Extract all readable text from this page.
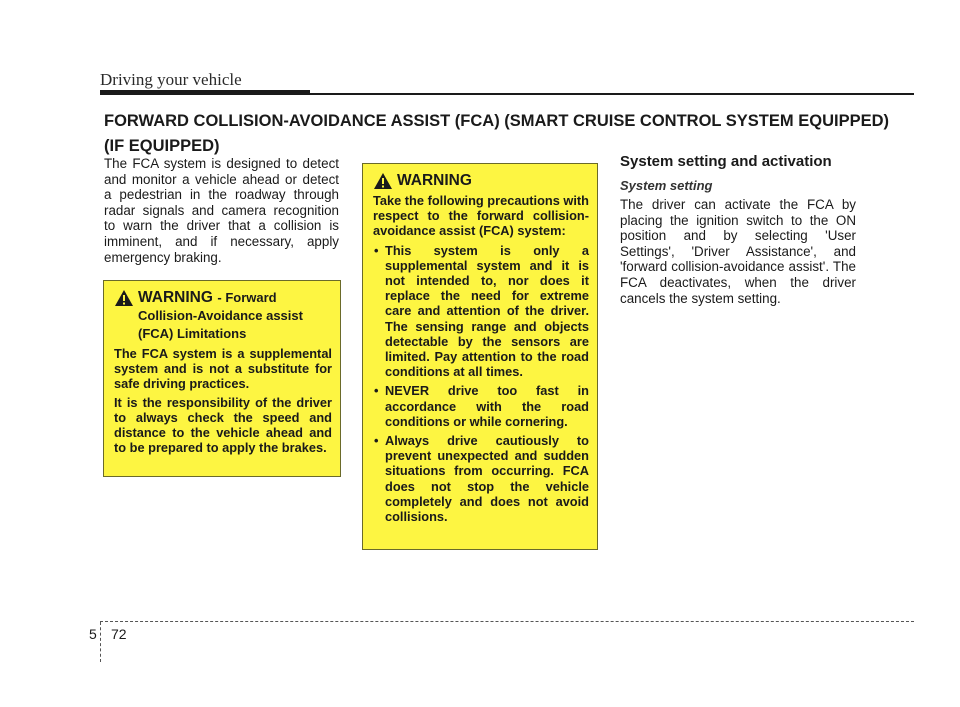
Driving your vehicle
FORWARD COLLISION-AVOIDANCE ASSIST (FCA) (SMART CRUISE CONTROL SYSTEM EQUIPPED) (IF EQUIPPED)

The FCA system is designed to detect and monitor a vehicle ahead or detect a pedestrian in the roadway through radar signals and camera recognition to warn the driver that a collision is imminent, and if necessary, apply emergency braking.

WARNING - Forward Collision-Avoidance assist (FCA) Limitations

The FCA system is a supplemental system and is not a substitute for safe driving practices.

It is the responsibility of the driver to always check the speed and distance to the vehicle ahead and to be prepared to apply the brakes.

WARNING

Take the following precautions with respect to the forward collision-avoidance assist (FCA) system:

• This system is only a supplemental system and it is not intended to, nor does it replace the need for extreme care and attention of the driver. The sensing range and objects detectable by the sensors are limited. Pay attention to the road conditions at all times.
• NEVER drive too fast in accordance with the road conditions or while cornering.
• Always drive cautiously to prevent unexpected and sudden situations from occurring. FCA does not stop the vehicle completely and does not avoid collisions.
System setting and activation
System setting

The driver can activate the FCA by placing the ignition switch to the ON position and by selecting 'User Settings', 'Driver Assistance', and 'forward collision-avoidance assist'. The FCA deactivates, when the driver cancels the system setting.

5 72
